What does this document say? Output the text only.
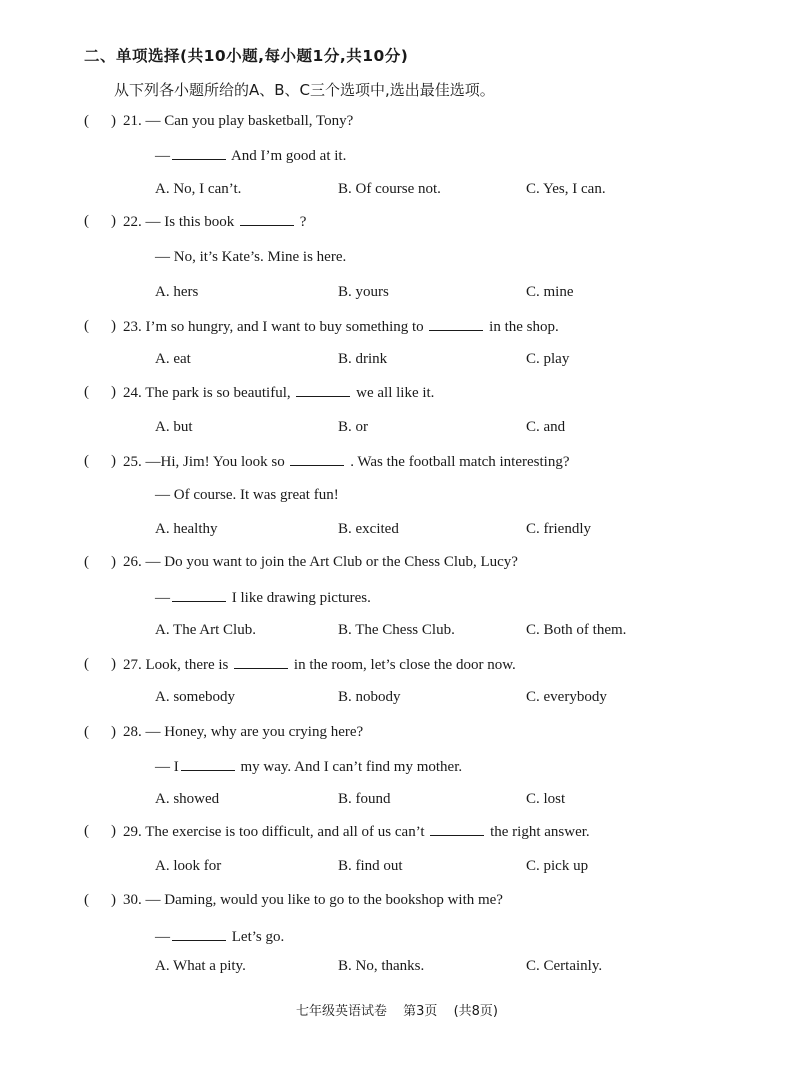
二、单项选择(共10小题,每小题1分,共10分)
从下列各小题所给的A、B、C三个选项中,选出最佳选项。
( ) 21. — Can you play basketball, Tony?
—	And I’m good at it.
A. No, I can’t.	B. Of course not.	C. Yes, I can.
( ) 22. — Is this book	?
— No, it’s Kate’s. Mine is here.
A. hers	B. yours	C. mine
( ) 23. I’m so hungry, and I want to buy something to	in the shop.
A. eat	B. drink	C. play
( ) 24. The park is so beautiful,	we all like it.
A. but	B. or	C. and
( ) 25. —Hi, Jim! You look so	. Was the football match interesting?
— Of course. It was great fun!
A. healthy	B. excited	C. friendly
( ) 26. — Do you want to join the Art Club or the Chess Club, Lucy?
—	I like drawing pictures.
A. The Art Club.	B. The Chess Club.	C. Both of them.
( ) 27. Look, there is	in the room, let’s close the door now.
A. somebody	B. nobody	C. everybody
( ) 28. — Honey, why are you crying here?
— I	my way. And I can’t find my mother.
A. showed	B. found	C. lost
( ) 29. The exercise is too difficult, and all of us can’t	the right answer.
A. look for	B. find out	C. pick up
( ) 30. — Daming, would you like to go to the bookshop with me?
—	Let’s go.
A. What a pity.	B. No, thanks.	C. Certainly.
七年级英语试卷 第3页 (共8页)
